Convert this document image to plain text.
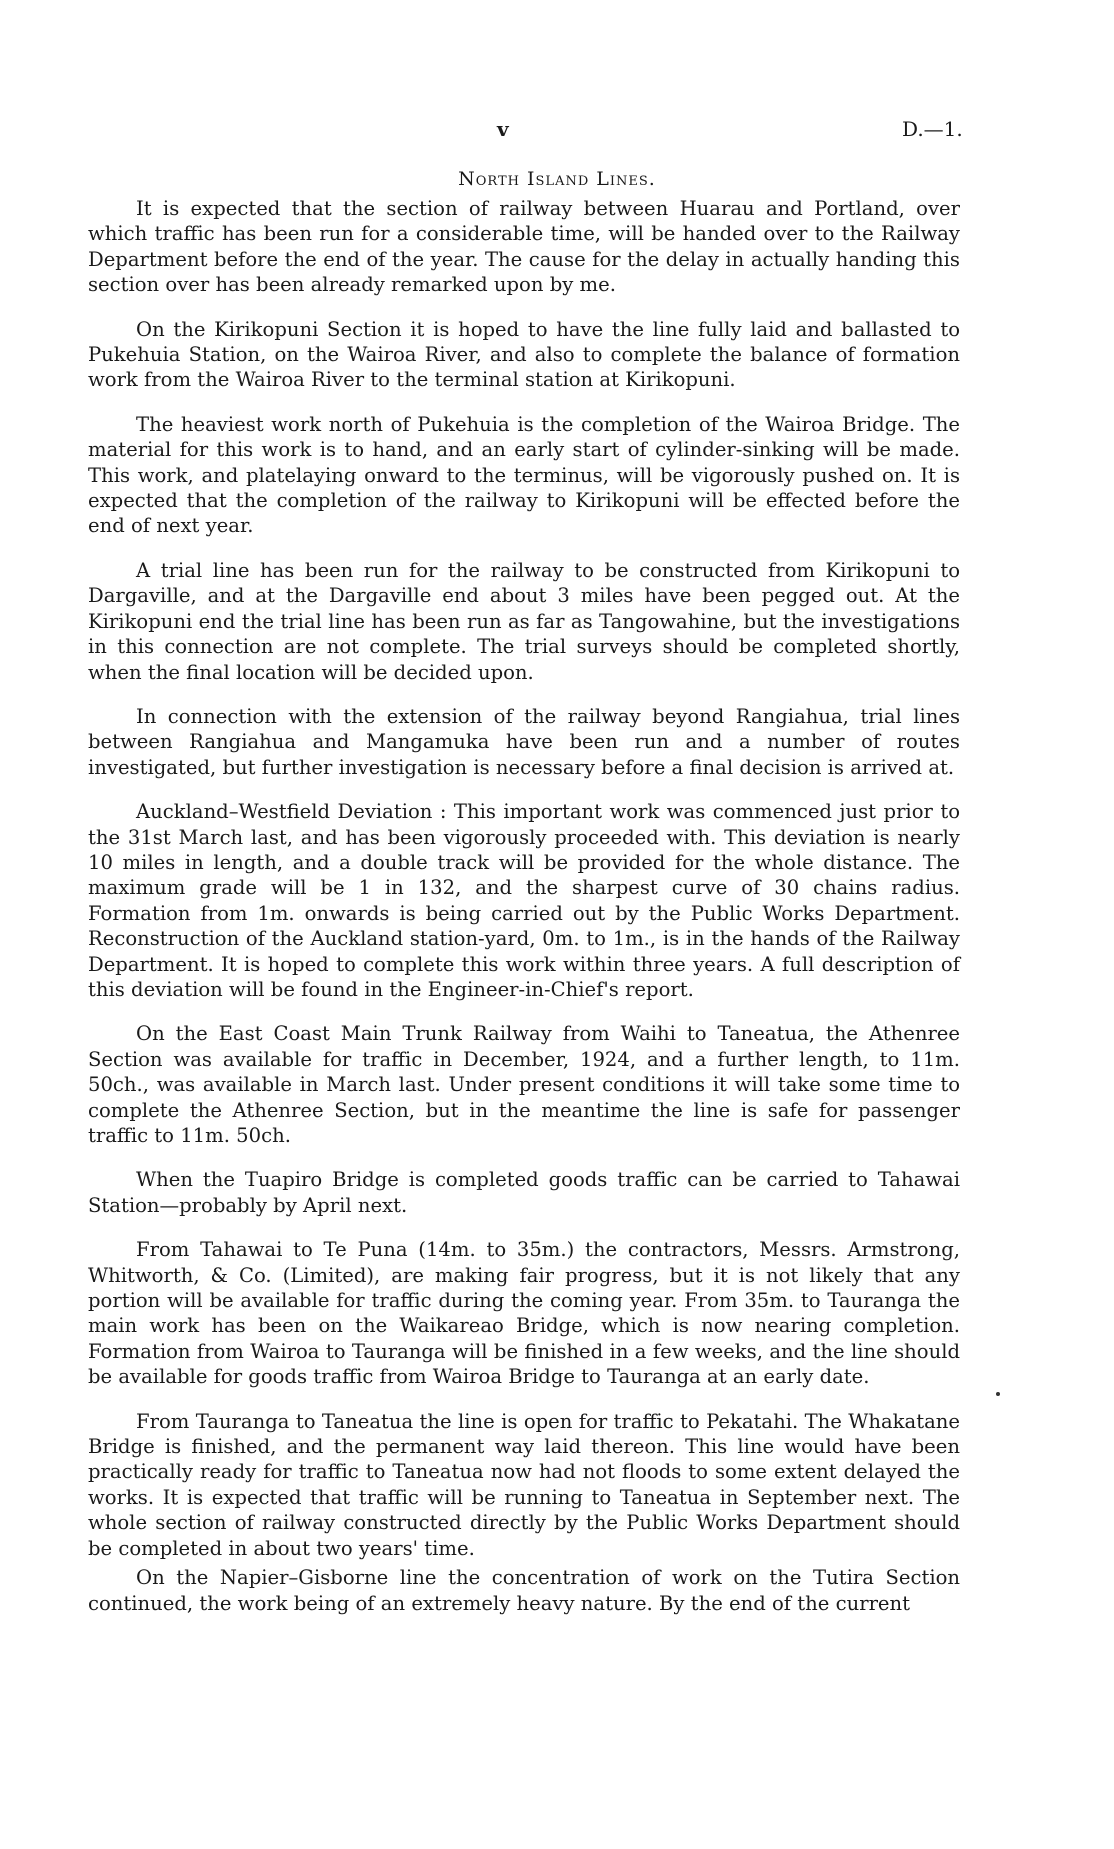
v	D.—1.
North Island Lines.

It is expected that the section of railway between Huarau and Portland, over which traffic has been run for a considerable time, will be handed over to the Railway Department before the end of the year. The cause for the delay in actually handing this section over has been already remarked upon by me.

On the Kirikopuni Section it is hoped to have the line fully laid and ballasted to Pukehuia Station, on the Wairoa River, and also to complete the balance of formation work from the Wairoa River to the terminal station at Kirikopuni.

The heaviest work north of Pukehuia is the completion of the Wairoa Bridge. The material for this work is to hand, and an early start of cylinder-sinking will be made. This work, and platelaying onward to the terminus, will be vigorously pushed on. It is expected that the completion of the railway to Kirikopuni will be effected before the end of next year.

A trial line has been run for the railway to be constructed from Kirikopuni to Dargaville, and at the Dargaville end about 3 miles have been pegged out. At the Kirikopuni end the trial line has been run as far as Tangowahine, but the investigations in this connection are not complete. The trial surveys should be completed shortly, when the final location will be decided upon.

In connection with the extension of the railway beyond Rangiahua, trial lines between Rangiahua and Mangamuka have been run and a number of routes investigated, but further investigation is necessary before a final decision is arrived at.

Auckland–Westfield Deviation : This important work was commenced just prior to the 31st March last, and has been vigorously proceeded with. This deviation is nearly 10 miles in length, and a double track will be provided for the whole distance. The maximum grade will be 1 in 132, and the sharpest curve of 30 chains radius. Formation from 1m. onwards is being carried out by the Public Works Department. Reconstruction of the Auckland station-yard, 0m. to 1m., is in the hands of the Railway Department. It is hoped to complete this work within three years. A full description of this deviation will be found in the Engineer-in-Chief's report.

On the East Coast Main Trunk Railway from Waihi to Taneatua, the Athenree Section was available for traffic in December, 1924, and a further length, to 11m. 50ch., was available in March last. Under present conditions it will take some time to complete the Athenree Section, but in the meantime the line is safe for passenger traffic to 11m. 50ch.

When the Tuapiro Bridge is completed goods traffic can be carried to Tahawai Station—probably by April next.

From Tahawai to Te Puna (14m. to 35m.) the contractors, Messrs. Armstrong, Whitworth, & Co. (Limited), are making fair progress, but it is not likely that any portion will be available for traffic during the coming year. From 35m. to Tauranga the main work has been on the Waikareao Bridge, which is now nearing completion. Formation from Wairoa to Tauranga will be finished in a few weeks, and the line should be available for goods traffic from Wairoa Bridge to Tauranga at an early date.

From Tauranga to Taneatua the line is open for traffic to Pekatahi. The Whakatane Bridge is finished, and the permanent way laid thereon. This line would have been practically ready for traffic to Taneatua now had not floods to some extent delayed the works. It is expected that traffic will be running to Taneatua in September next. The whole section of railway constructed directly by the Public Works Department should be completed in about two years' time.

On the Napier–Gisborne line the concentration of work on the Tutira Section continued, the work being of an extremely heavy nature. By the end of the current
